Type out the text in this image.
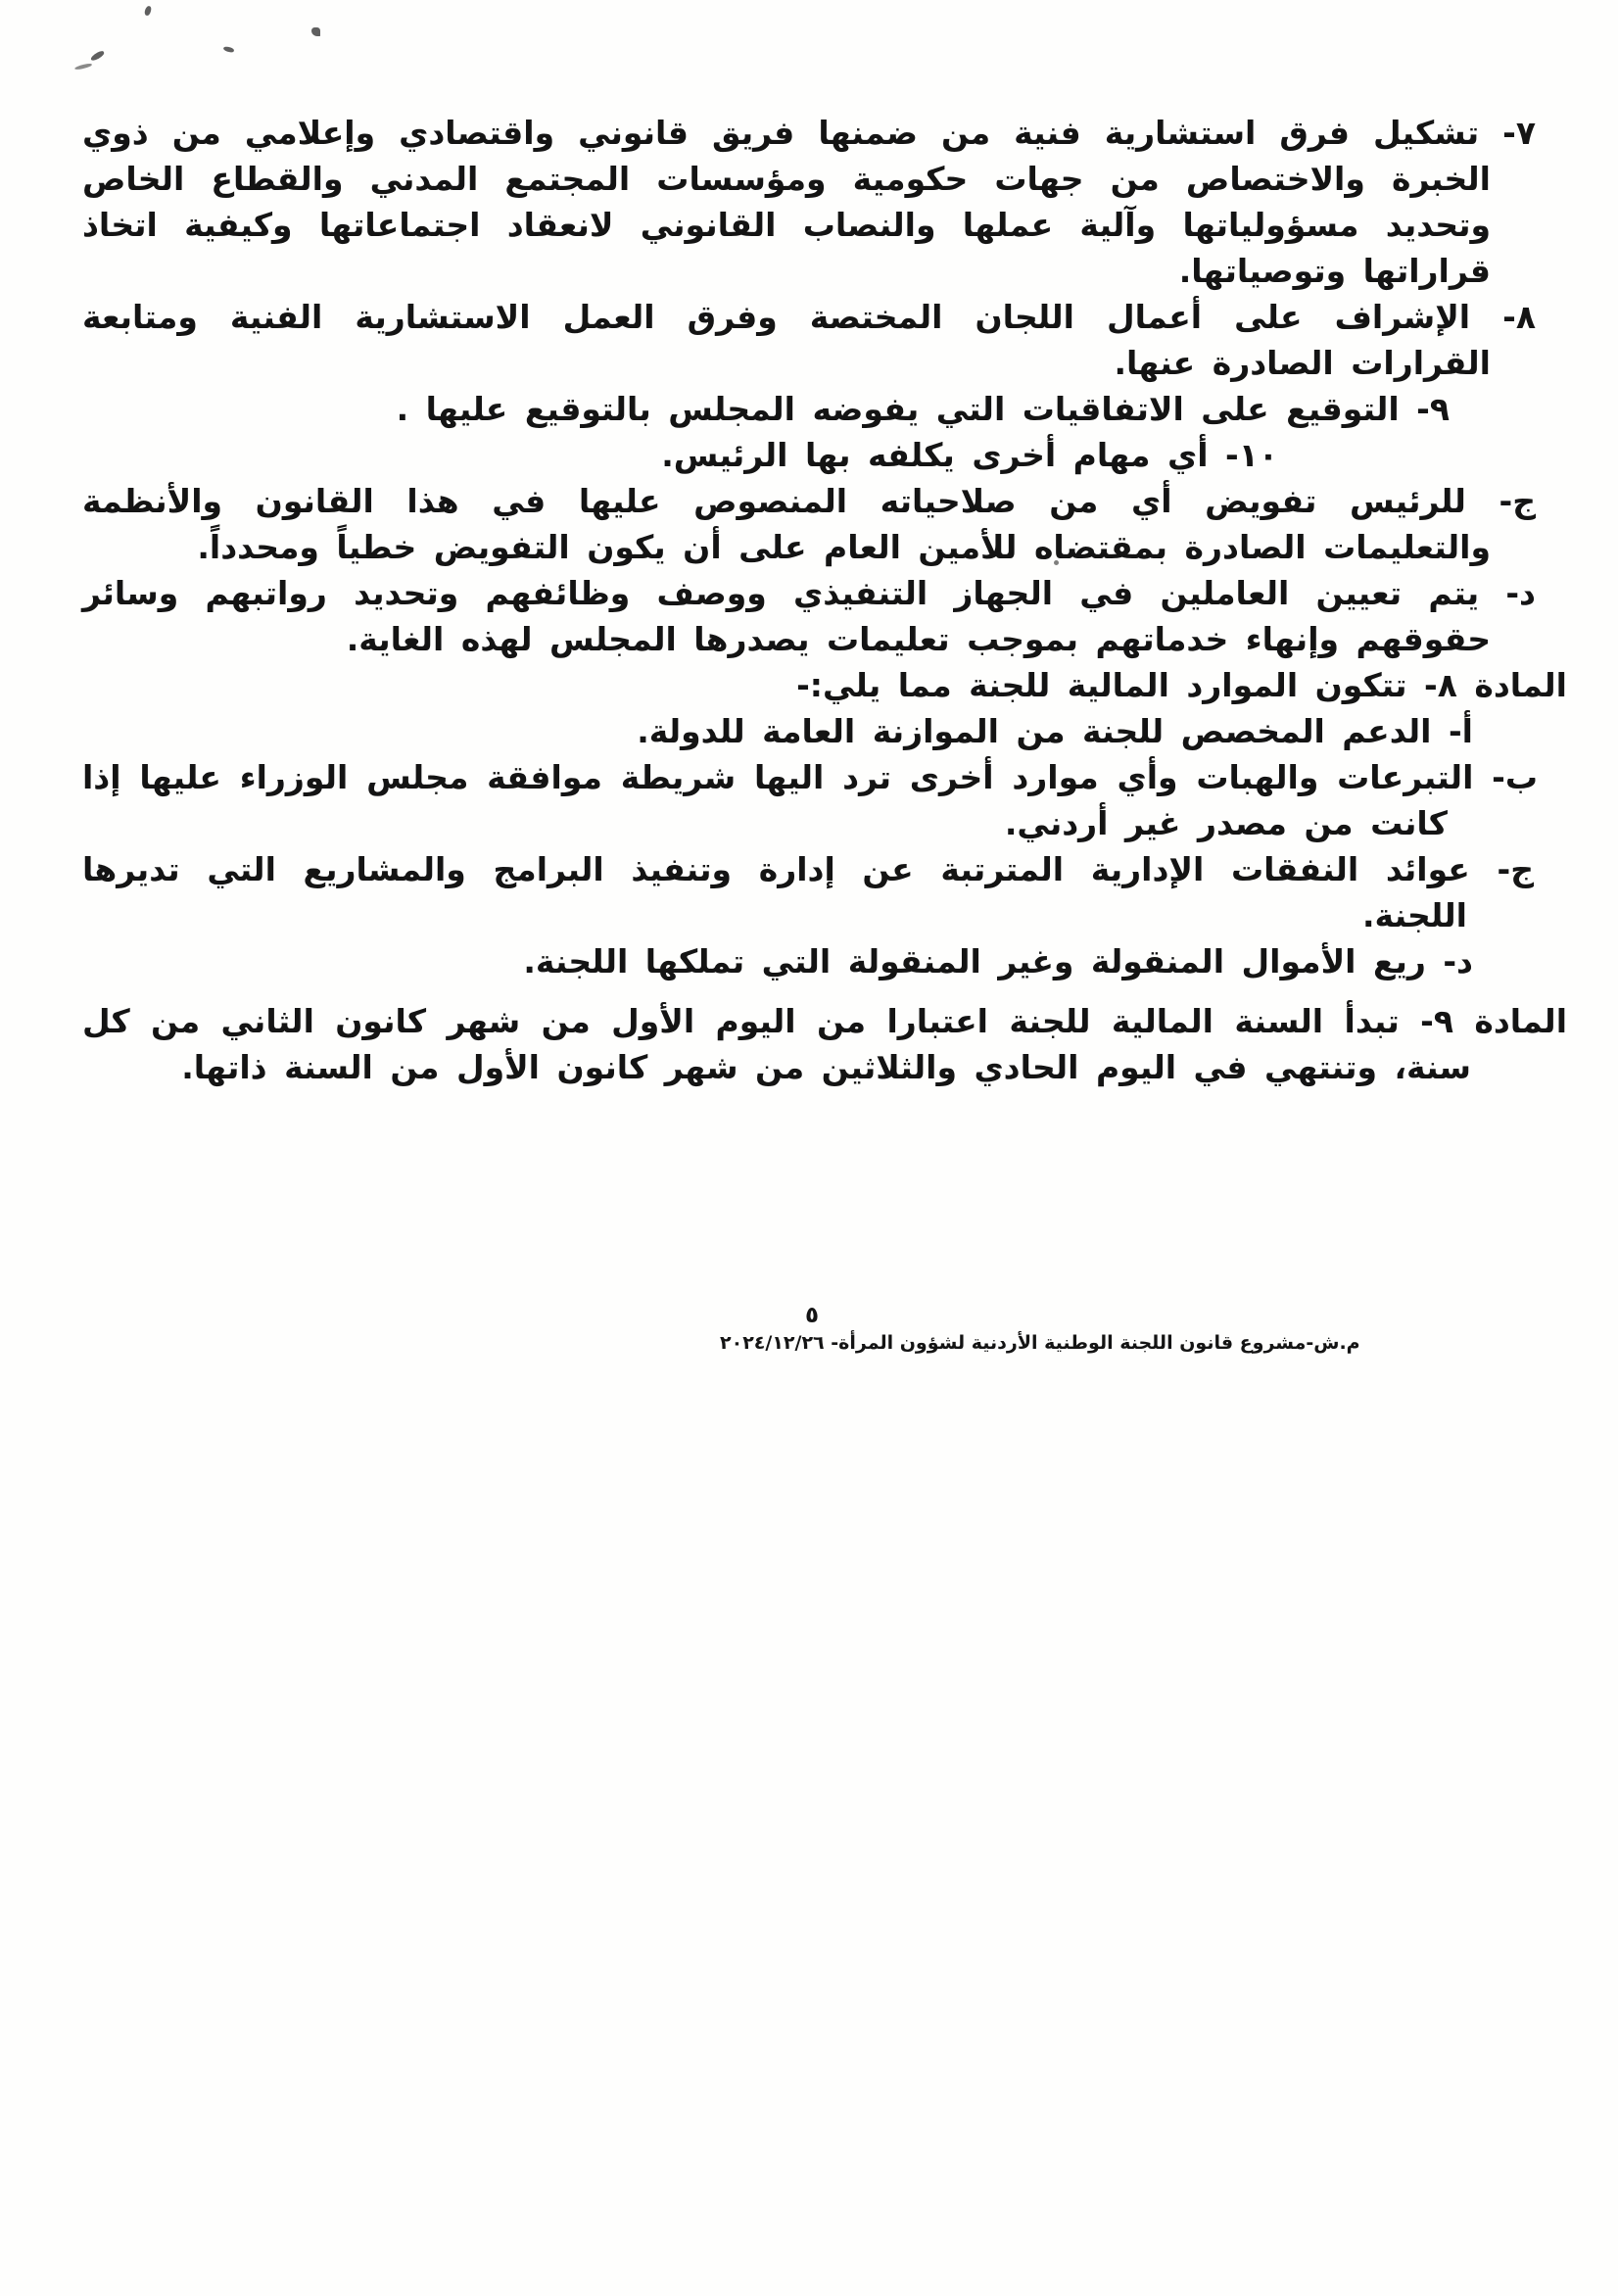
٧- تشكيل فرق استشارية فنية من ضمنها فريق قانوني واقتصادي وإعلامي من ذوي الخبرة والاختصاص من جهات حكومية ومؤسسات المجتمع المدني والقطاع الخاص وتحديد مسؤولياتها وآلية عملها والنصاب القانوني لانعقاد اجتماعاتها وكيفية اتخاذ قراراتها وتوصياتها.

٨- الإشراف على أعمال اللجان المختصة وفرق العمل الاستشارية الفنية ومتابعة القرارات الصادرة عنها.

٩- التوقيع على الاتفاقيات التي يفوضه المجلس بالتوقيع عليها .

١٠- أي مهام أخرى يكلفه بها الرئيس.

ج- للرئيس تفويض أي من صلاحياته المنصوص عليها في هذا القانون والأنظمة والتعليمات الصادرة بمقتضاه للأمين العام على أن يكون التفويض خطياً ومحدداً.

د- يتم تعيين العاملين في الجهاز التنفيذي ووصف وظائفهم وتحديد رواتبهم وسائر حقوقهم وإنهاء خدماتهم بموجب تعليمات يصدرها المجلس لهذه الغاية.

المادة ٨- تتكون الموارد المالية للجنة مما يلي:-

أ- الدعم المخصص للجنة من الموازنة العامة للدولة.

ب- التبرعات والهبات وأي موارد أخرى ترد اليها شريطة موافقة مجلس الوزراء عليها إذا كانت من مصدر غير أردني.

ج- عوائد النفقات الإدارية المترتبة عن إدارة وتنفيذ البرامج والمشاريع التي تديرها اللجنة.

د- ريع الأموال المنقولة وغير المنقولة التي تملكها اللجنة.

المادة ٩- تبدأ السنة المالية للجنة اعتبارا من اليوم الأول من شهر كانون الثاني من كل سنة، وتنتهي في اليوم الحادي والثلاثين من شهر كانون الأول من السنة ذاتها.

٥
م.ش-مشروع قانون اللجنة الوطنية الأردنية لشؤون المرأة- ٢٠٢٤/١٢/٢٦
